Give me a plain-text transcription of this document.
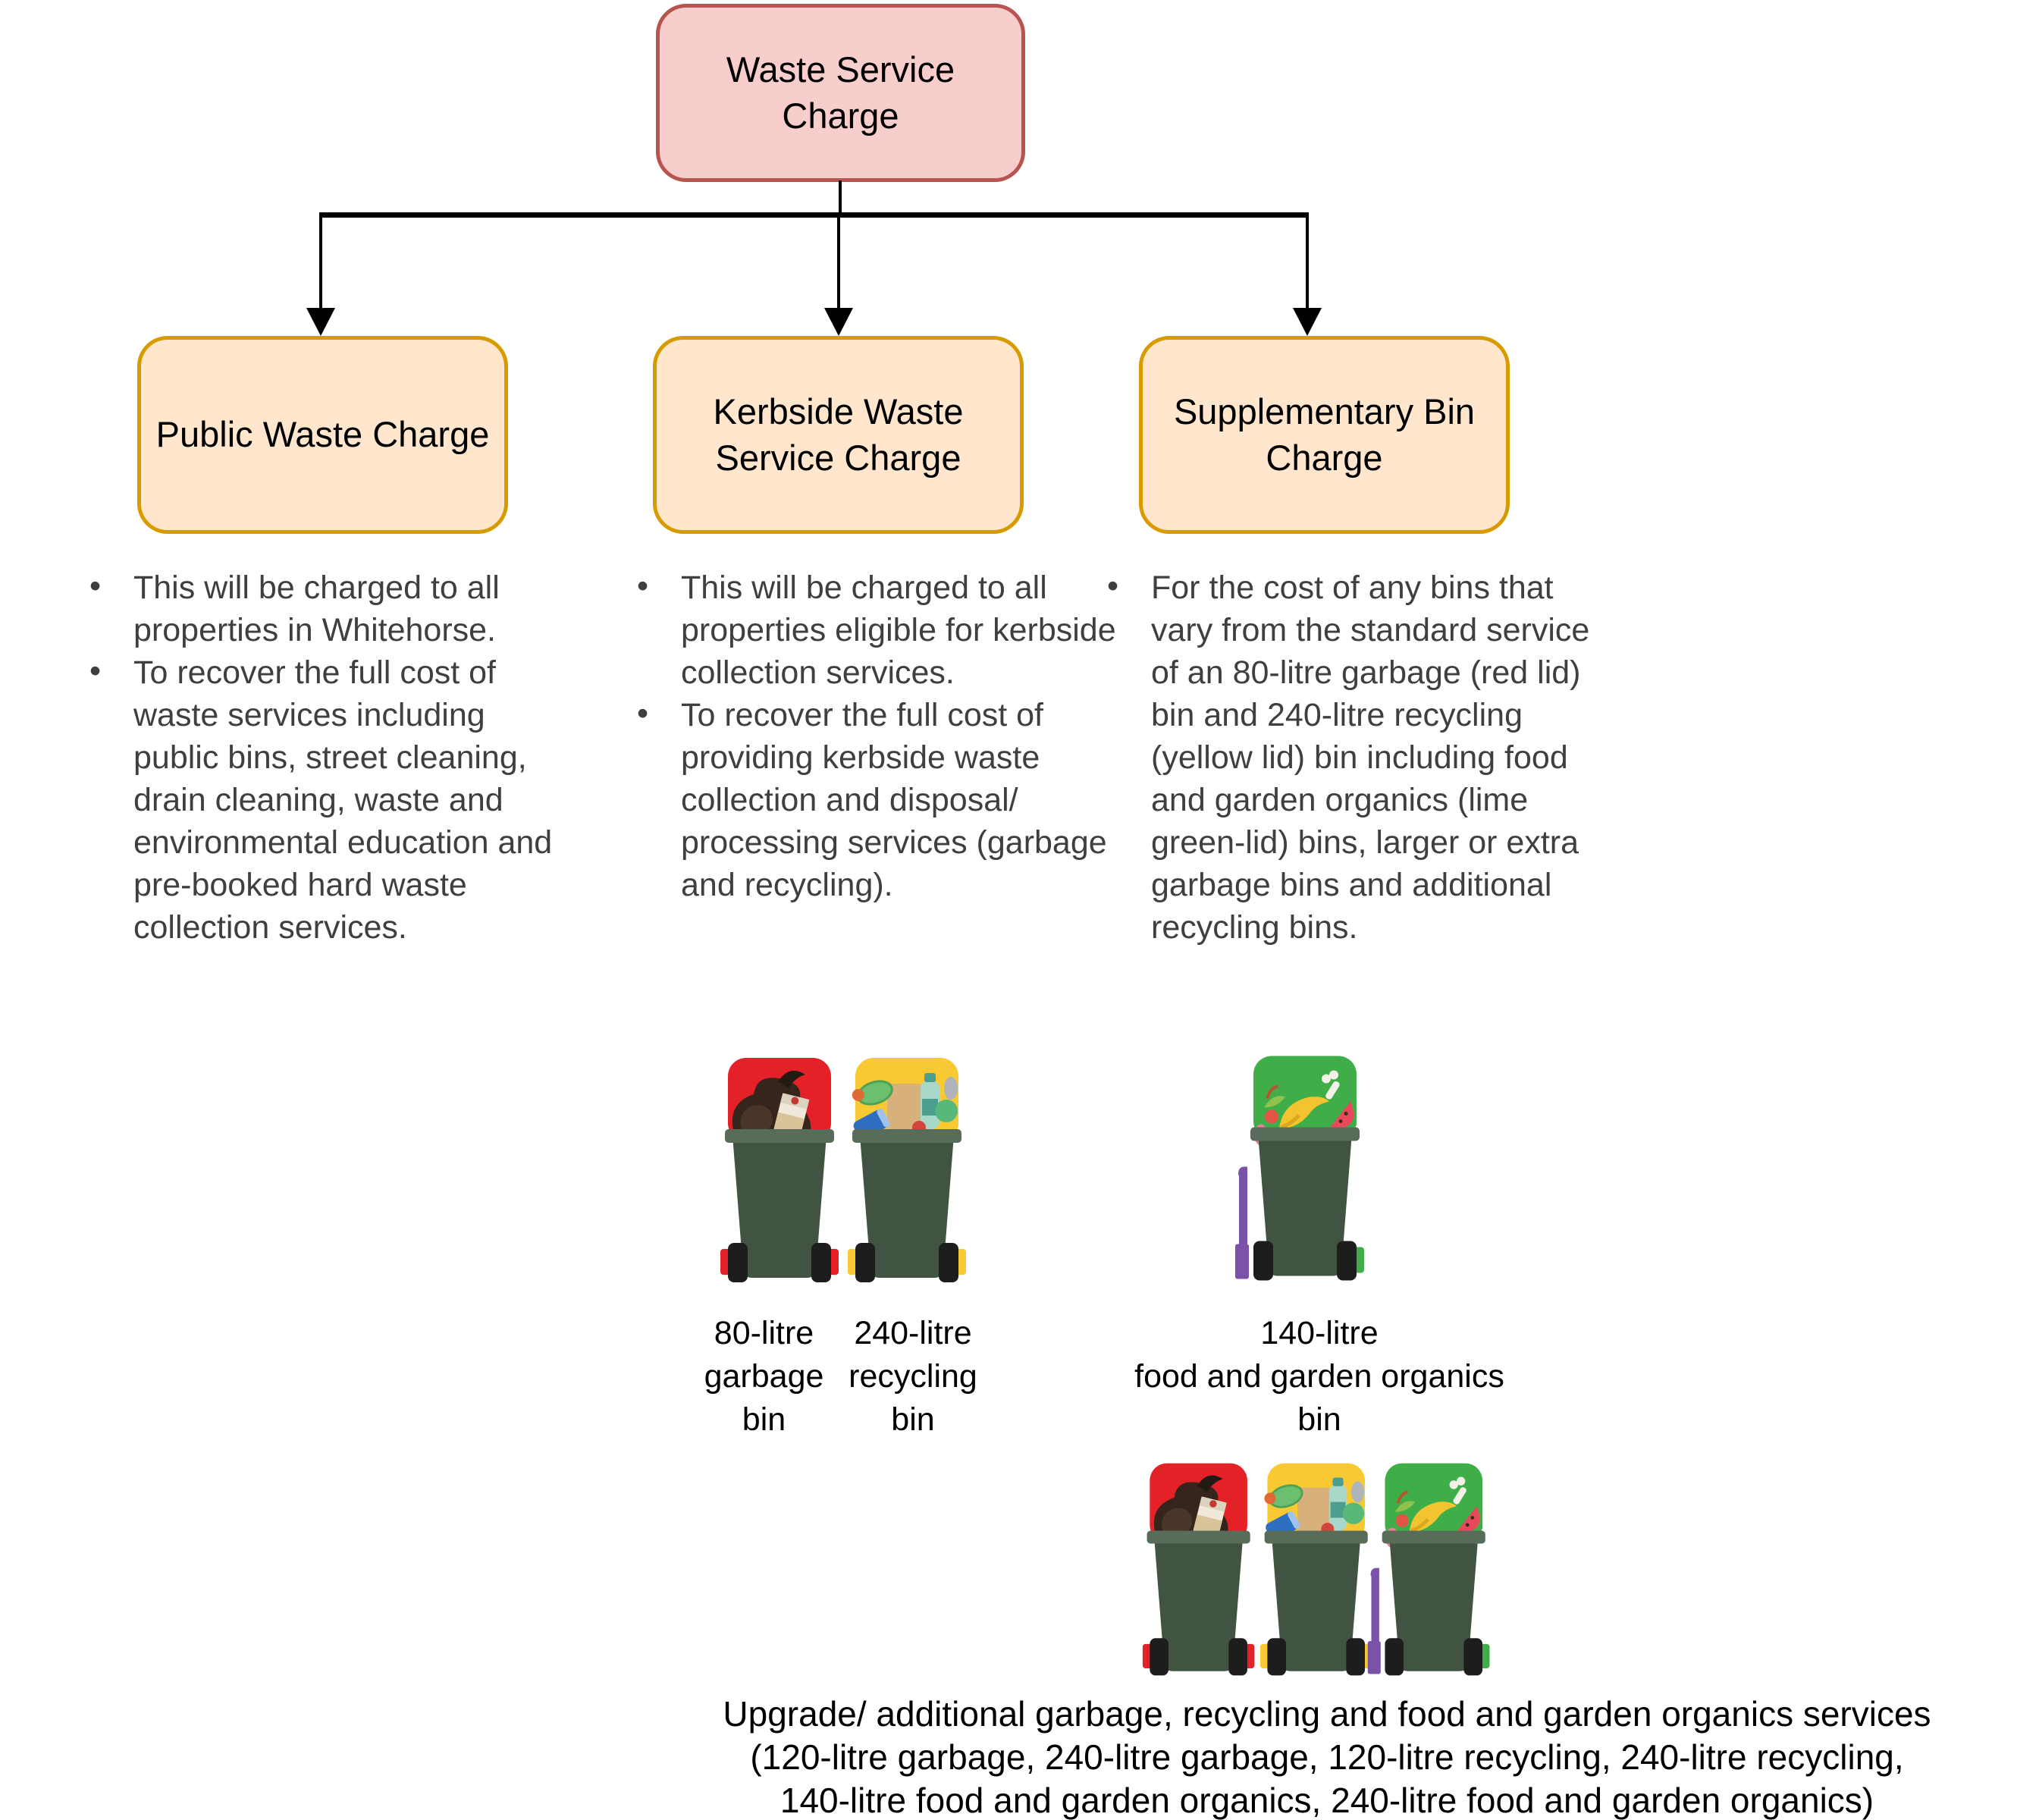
Waste Service Charge
Public Waste Charge
Kerbside Waste Service Charge
Supplementary Bin Charge
• This will be charged to all properties in Whitehorse.
• To recover the full cost of waste services including public bins, street cleaning, drain cleaning, waste and environmental education and pre-booked hard waste collection services.
• This will be charged to all properties eligible for kerbside collection services.
• To recover the full cost of providing kerbside waste collection and disposal/ processing services (garbage and recycling).
• For the cost of any bins that vary from the standard service of an 80-litre garbage (red lid) bin and 240-litre recycling (yellow lid) bin including food and garden organics (lime green-lid) bins, larger or extra garbage bins and additional recycling bins.
80-litre
garbage
bin
240-litre
recycling
bin
140-litre
food and garden organics
bin
Upgrade/ additional garbage, recycling and food and garden organics services
(120-litre garbage, 240-litre garbage, 120-litre recycling, 240-litre recycling,
140-litre food and garden organics, 240-litre food and garden organics)
